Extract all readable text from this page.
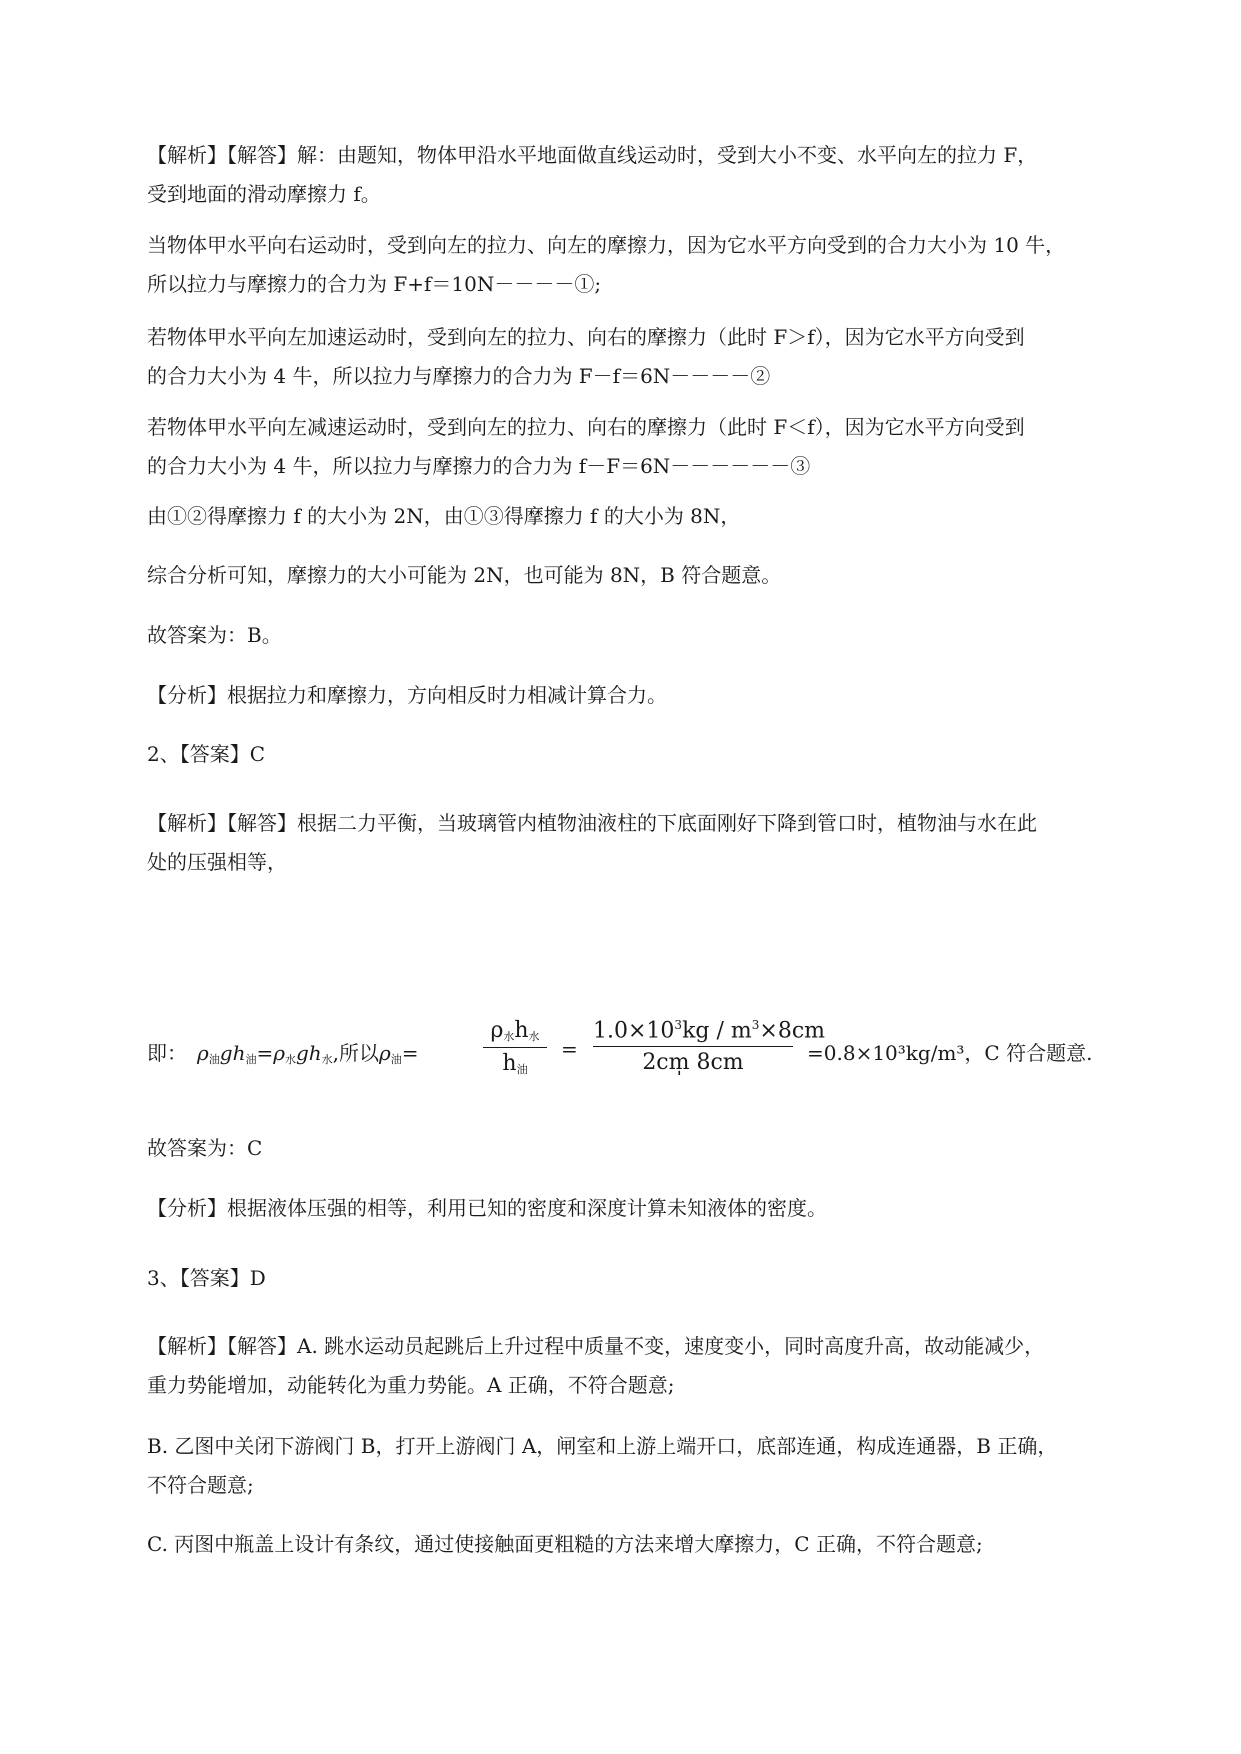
【解析】【解答】解：由题知，物体甲沿水平地面做直线运动时，受到大小不变、水平向左的拉力 F，
受到地面的滑动摩擦力 f。
当物体甲水平向右运动时，受到向左的拉力、向左的摩擦力，因为它水平方向受到的合力大小为 10 牛，
所以拉力与摩擦力的合力为 F+f＝10N－－－－①;
若物体甲水平向左加速运动时，受到向左的拉力、向右的摩擦力（此时 F＞f），因为它水平方向受到
的合力大小为 4 牛，所以拉力与摩擦力的合力为 F－f＝6N－－－－②
若物体甲水平向左减速运动时，受到向左的拉力、向右的摩擦力（此时 F＜f），因为它水平方向受到
的合力大小为 4 牛，所以拉力与摩擦力的合力为 f－F＝6N－－－－－－③
由①②得摩擦力 f 的大小为 2N，由①③得摩擦力 f 的大小为 8N，
综合分析可知，摩擦力的大小可能为 2N，也可能为 8N，B 符合题意。
故答案为：B。
【分析】根据拉力和摩擦力，方向相反时力相减计算合力。
2、【答案】C
【解析】【解答】根据二力平衡，当玻璃管内植物油液柱的下底面刚好下降到管口时，植物油与水在此
处的压强相等，
即： $\rho_油gh_油=\rho_水gh_水$,所以$\rho_油=$
$\rho_水h_水$
$h_油$
=
$1.0\times 10^3kg / m^3\times 8cm$
2cm̩ 8cm	=0.8×10³kg/m³，C 符合题意.
故答案为：C
【分析】根据液体压强的相等，利用已知的密度和深度计算未知液体的密度。
3、【答案】D
【解析】【解答】A. 跳水运动员起跳后上升过程中质量不变，速度变小，同时高度升高，故动能减少，
重力势能增加，动能转化为重力势能。A 正确，不符合题意;
B. 乙图中关闭下游阀门 B，打开上游阀门 A，闸室和上游上端开口，底部连通，构成连通器，B 正确，
不符合题意;
C. 丙图中瓶盖上设计有条纹，通过使接触面更粗糙的方法来增大摩擦力，C 正确，不符合题意;
